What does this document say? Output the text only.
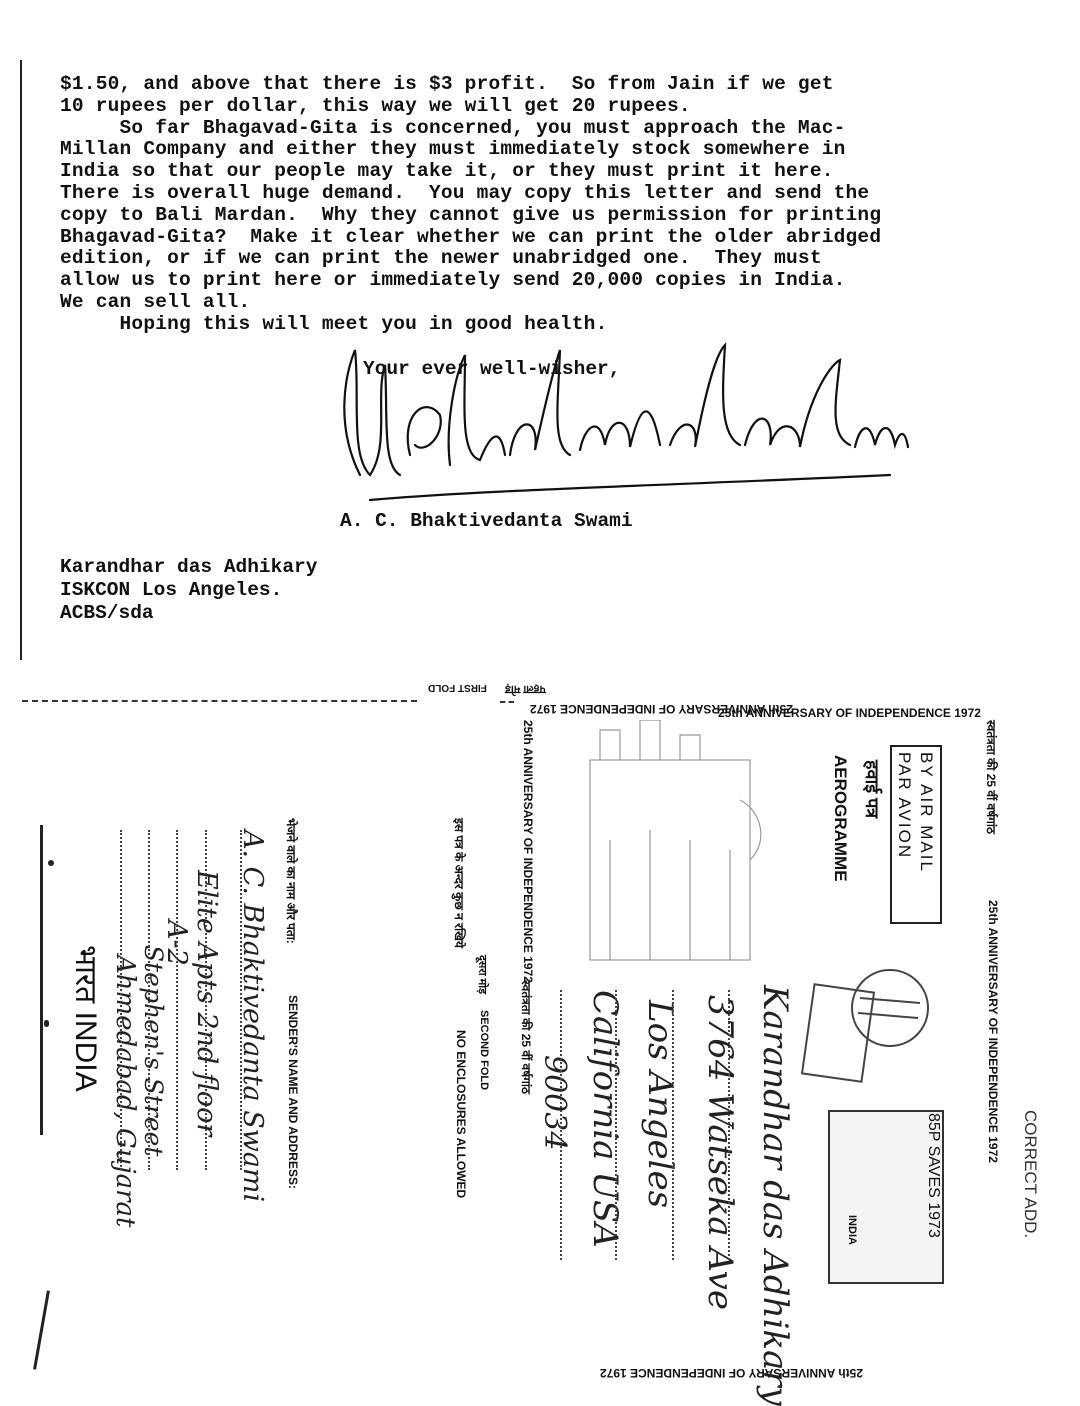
$1.50, and above that there is $3 profit.  So from Jain if we get

10 rupees per dollar, this way we will get 20 rupees.

So far Bhagavad-Gita is concerned, you must approach the Mac-

Millan Company and either they must immediately stock somewhere in

India so that our people may take it, or they must print it here.

There is overall huge demand.  You may copy this letter and send the

copy to Bali Mardan.  Why they cannot give us permission for printing

Bhagavad-Gita?  Make it clear whether we can print the older abridged

edition, or if we can print the newer unabridged one.  They must

allow us to print here or immediately send 20,000 copies in India.

We can sell all.

Hoping this will meet you in good health.

Your ever well-wisher,
A. C. Bhaktivedanta Swami
Karandhar das Adhikary
ISKCON Los Angeles.
ACBS/sda
FIRST FOLD पहला मोड़
25th ANNIVERSARY OF INDEPENDENCE 1972
25th ANNIVERSARY OF INDEPENDENCE 1972
25th ANNIVERSARY OF INDEPENDENCE 1972
स्वतंत्रता की 25 वीं वर्षगांठ
स्वतंत्रता की 25 वीं वर्षगांठ
25th ANNIVERSARY OF INDEPENDENCE 1972
25th ANNIVERSARY OF INDEPENDENCE 1972
BY AIR MAIL
PAR AVION
हवाई पत्र
AEROGRAMME
85P SAVES 1973
INDIA	CORRECT ADD.
Karandhar das Adhikary
3764 Watseka Ave
Los Angeles
California USA
90034
दूसरा मोड़
SECOND FOLD
इस पत्र के अन्दर कुछ न रखिये
NO ENCLOSURES ALLOWED
भेजने वाले का नाम और पता:
SENDER'S NAME AND ADDRESS:
A. C. Bhaktivedanta Swami
Elite Apts 2nd floor
A-2
Stephen's Street
Ahmedabad, Gujarat
भारत INDIA
